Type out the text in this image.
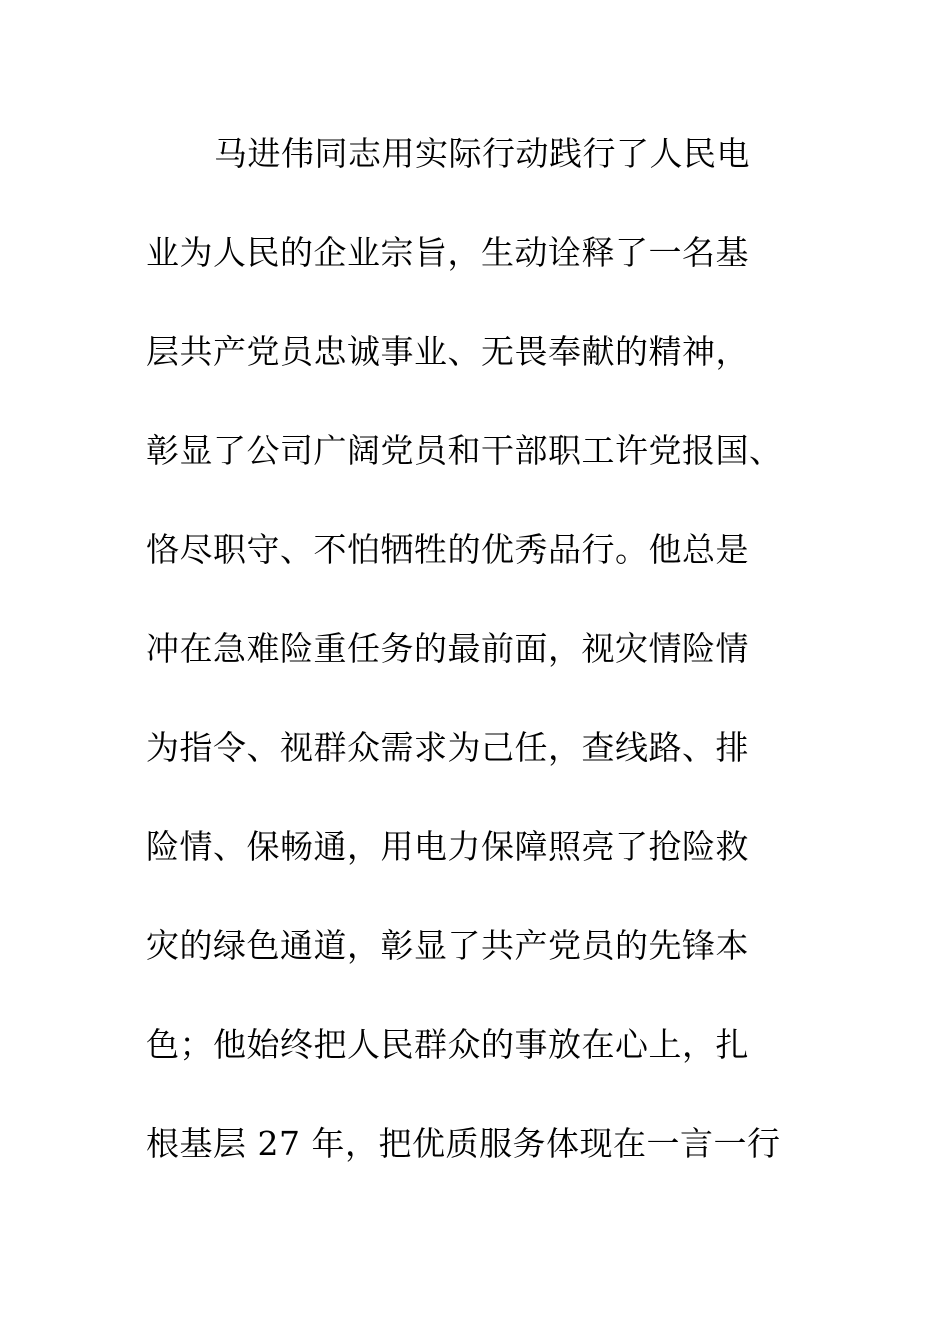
马进伟同志用实际行动践行了人民电
业为人民的企业宗旨，生动诠释了一名基
层共产党员忠诚事业、无畏奉献的精神，
彰显了公司广阔党员和干部职工许党报国、
恪尽职守、不怕牺牲的优秀品行。他总是
冲在急难险重任务的最前面，视灾情险情
为指令、视群众需求为己任，查线路、排
险情、保畅通，用电力保障照亮了抢险救
灾的绿色通道，彰显了共产党员的先锋本
色；他始终把人民群众的事放在心上，扎
根基层 27 年，把优质服务体现在一言一行
